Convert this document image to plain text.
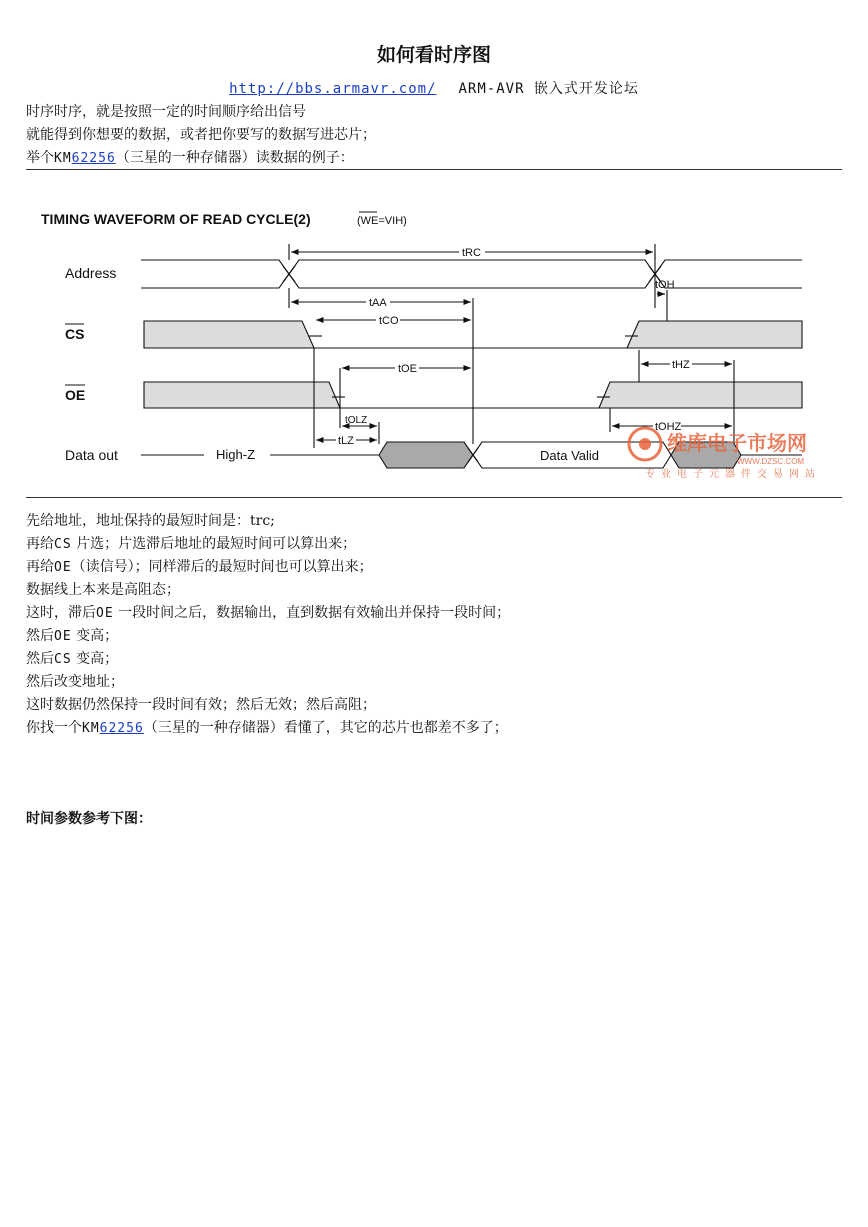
如何看时序图
http://bbs.armavr.com/ ARM-AVR 嵌入式开发论坛
时序时序，就是按照一定的时间顺序给出信号
就能得到你想要的数据，或者把你要写的数据写进芯片；
举个KM62256（三星的一种存储器）读数据的例子：
TIMING WAVEFORM OF READ CYCLE(2)	(WE=VIH)
Address
CS
OE
Data out	High-Z	Data Valid
tRC
tAA
tCO
tOH
tOE	tHZ
tOLZ
tLZ
tOHZ
维库电子市场网
WWW.DZSC.COM
专业电子元器件交易网站
先给地址，地址保持的最短时间是：trc;
再给CS 片选；片选滞后地址的最短时间可以算出来；
再给OE（读信号）；同样滞后的最短时间也可以算出来；
数据线上本来是高阻态；
这时，滞后OE 一段时间之后，数据输出，直到数据有效输出并保持一段时间；
然后OE 变高；
然后CS 变高；
然后改变地址；
这时数据仍然保持一段时间有效；然后无效；然后高阻；
你找一个KM62256（三星的一种存储器）看懂了，其它的芯片也都差不多了；
时间参数参考下图：
